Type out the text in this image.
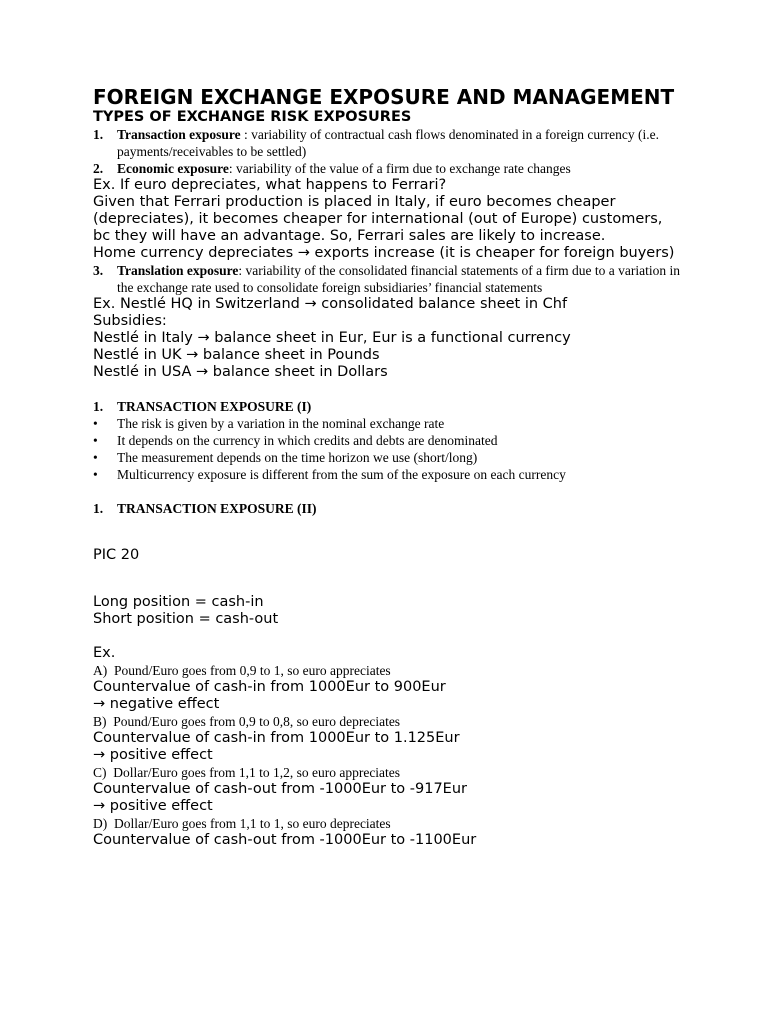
FOREIGN EXCHANGE EXPOSURE AND MANAGEMENT
TYPES OF EXCHANGE RISK EXPOSURES
1.	Transaction exposure : variability of contractual cash flows denominated in a foreign currency (i.e. payments/receivables to be settled)
2.	Economic exposure: variability of the value of a firm due to exchange rate changes
Ex. If euro depreciates, what happens to Ferrari?
Given that Ferrari production is placed in Italy, if euro becomes cheaper (depreciates), it becomes cheaper for international (out of Europe) customers, bc they will have an advantage. So, Ferrari sales are likely to increase.
Home currency depreciates → exports increase (it is cheaper for foreign buyers)
3.	Translation exposure: variability of the consolidated financial statements of a firm due to a variation in the exchange rate used to consolidate foreign subsidiaries’ financial statements
Ex. Nestlé HQ in Switzerland → consolidated balance sheet in Chf
Subsidies:
Nestlé in Italy → balance sheet in Eur, Eur is a functional currency
Nestlé in UK → balance sheet in Pounds
Nestlé in USA → balance sheet in Dollars
1.	TRANSACTION EXPOSURE (I)
•	The risk is given by a variation in the nominal exchange rate
•	It depends on the currency in which credits and debts are denominated
•	The measurement depends on the time horizon we use (short/long)
•	Multicurrency exposure is different from the sum of the exposure on each currency
1.	TRANSACTION EXPOSURE (II)
PIC 20
Long position = cash-in
Short position = cash-out
Ex.
A) Pound/Euro goes from 0,9 to 1, so euro appreciates
Countervalue of cash-in from 1000Eur to 900Eur
→ negative effect
B) Pound/Euro goes from 0,9 to 0,8, so euro depreciates
Countervalue of cash-in from 1000Eur to 1.125Eur
→ positive effect
C) Dollar/Euro goes from 1,1 to 1,2, so euro appreciates
Countervalue of cash-out from -1000Eur to -917Eur
→ positive effect
D) Dollar/Euro goes from 1,1 to 1, so euro depreciates
Countervalue of cash-out from -1000Eur to -1100Eur
